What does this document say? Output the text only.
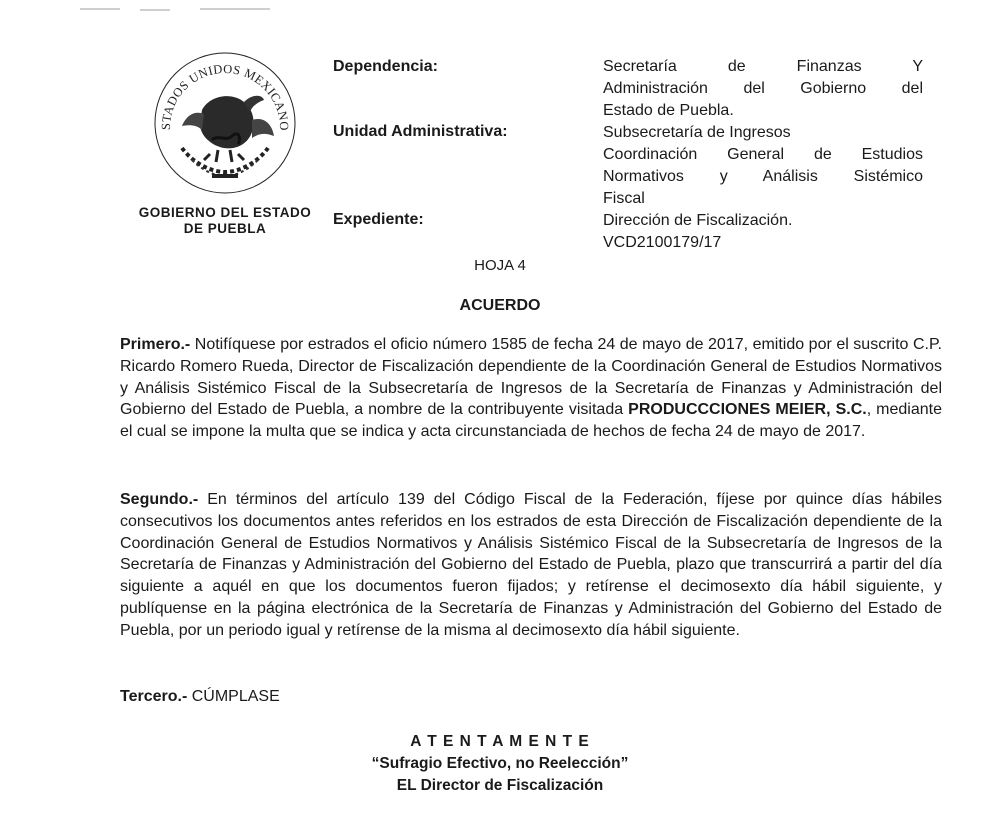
STADOS UNIDOS MEXICANO
GOBIERNO DEL ESTADO
DE PUEBLA
Dependencia:
Unidad Administrativa:
Expediente:
Secretaría de Finanzas Y
Administración del Gobierno del
Estado de Puebla.
Subsecretaría de Ingresos
Coordinación General de Estudios
Normativos y Análisis Sistémico
Fiscal
Dirección de Fiscalización.
VCD2100179/17
HOJA 4
ACUERDO

Primero.- Notifíquese por estrados el oficio número 1585 de fecha 24 de mayo de 2017, emitido por el suscrito C.P. Ricardo Romero Rueda, Director de Fiscalización dependiente de la Coordinación General de Estudios Normativos y Análisis Sistémico Fiscal de la Subsecretaría de Ingresos de la Secretaría de Finanzas y Administración del Gobierno del Estado de Puebla, a nombre de la contribuyente visitada PRODUCCCIONES MEIER, S.C., mediante el cual se impone la multa que se indica y acta circunstanciada de hechos de fecha 24 de mayo de 2017.

Segundo.- En términos del artículo 139 del Código Fiscal de la Federación, fíjese por quince días hábiles consecutivos los documentos antes referidos en los estrados de esta Dirección de Fiscalización dependiente de la Coordinación General de Estudios Normativos y Análisis Sistémico Fiscal de la Subsecretaría de Ingresos de la Secretaría de Finanzas y Administración del Gobierno del Estado de Puebla, plazo que transcurrirá a partir del día siguiente a aquél en que los documentos fueron fijados; y retírense el decimosexto día hábil siguiente, y publíquense en la página electrónica de la Secretaría de Finanzas y Administración del Gobierno del Estado de Puebla, por un periodo igual y retírense de la misma al decimosexto día hábil siguiente.

Tercero.- CÚMPLASE

A T E N T A M E N T E
“Sufragio Efectivo, no Reelección”
EL Director de Fiscalización
